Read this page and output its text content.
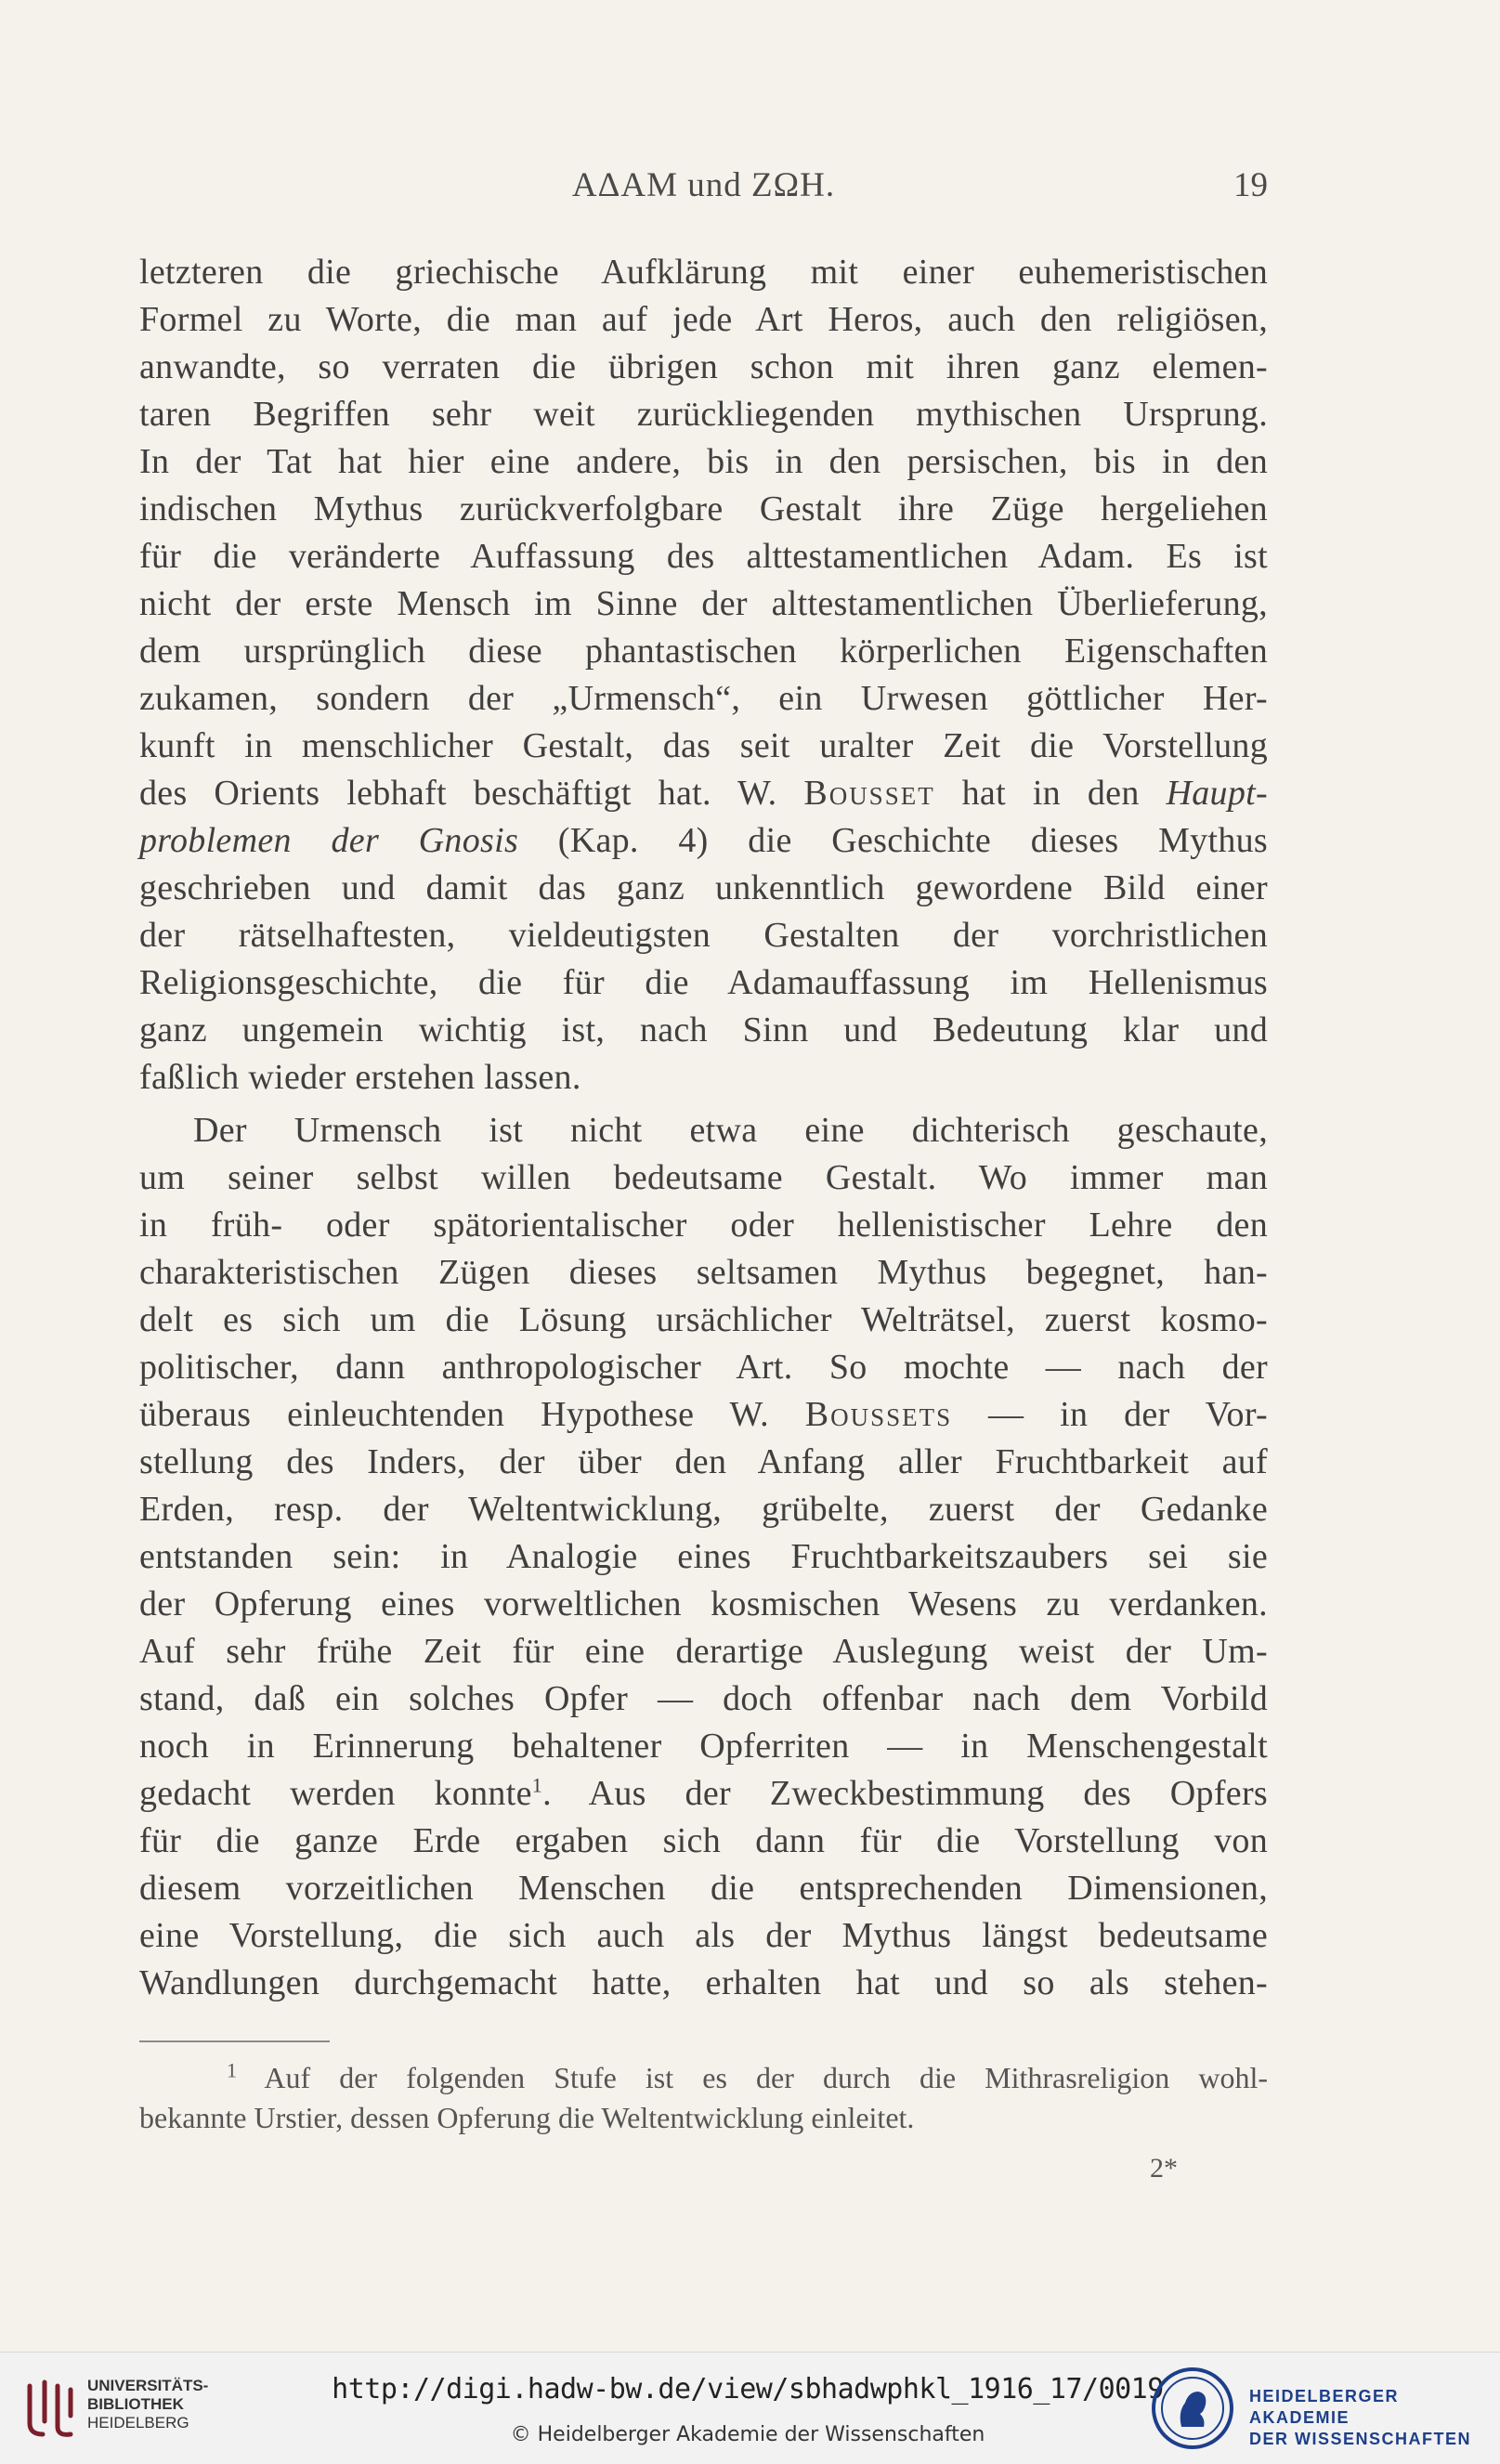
ΑΔΑΜ und ΖΩΗ.	19
letzteren die griechische Aufklärung mit einer euhemeristischen
Formel zu Worte, die man auf jede Art Heros, auch den religiösen,
anwandte, so verraten die übrigen schon mit ihren ganz elemen-
taren Begriffen sehr weit zurückliegenden mythischen Ursprung.
In der Tat hat hier eine andere, bis in den persischen, bis in den
indischen Mythus zurückverfolgbare Gestalt ihre Züge hergeliehen
für die veränderte Auffassung des alttestamentlichen Adam. Es ist
nicht der erste Mensch im Sinne der alttestamentlichen Überlieferung,
dem ursprünglich diese phantastischen körperlichen Eigenschaften
zukamen, sondern der „Urmensch“, ein Urwesen göttlicher Her-
kunft in menschlicher Gestalt, das seit uralter Zeit die Vorstellung
des Orients lebhaft beschäftigt hat. W. Bousset hat in den Haupt-
problemen der Gnosis (Kap. 4) die Geschichte dieses Mythus
geschrieben und damit das ganz unkenntlich gewordene Bild einer
der rätselhaftesten, vieldeutigsten Gestalten der vorchristlichen
Religionsgeschichte, die für die Adamauffassung im Hellenismus
ganz ungemein wichtig ist, nach Sinn und Bedeutung klar und
faßlich wieder erstehen lassen.
Der Urmensch ist nicht etwa eine dichterisch geschaute,
um seiner selbst willen bedeutsame Gestalt. Wo immer man
in früh- oder spätorientalischer oder hellenistischer Lehre den
charakteristischen Zügen dieses seltsamen Mythus begegnet, han-
delt es sich um die Lösung ursächlicher Welträtsel, zuerst kosmo-
politischer, dann anthropologischer Art. So mochte — nach der
überaus einleuchtenden Hypothese W. Boussets — in der Vor-
stellung des Inders, der über den Anfang aller Fruchtbarkeit auf
Erden, resp. der Weltentwicklung, grübelte, zuerst der Gedanke
entstanden sein: in Analogie eines Fruchtbarkeitszaubers sei sie
der Opferung eines vorweltlichen kosmischen Wesens zu verdanken.
Auf sehr frühe Zeit für eine derartige Auslegung weist der Um-
stand, daß ein solches Opfer — doch offenbar nach dem Vorbild
noch in Erinnerung behaltener Opferriten — in Menschengestalt
gedacht werden konnte$^1$. Aus der Zweckbestimmung des Opfers
für die ganze Erde ergaben sich dann für die Vorstellung von
diesem vorzeitlichen Menschen die entsprechenden Dimensionen,
eine Vorstellung, die sich auch als der Mythus längst bedeutsame
Wandlungen durchgemacht hatte, erhalten hat und so als stehen-
$^1$ Auf der folgenden Stufe ist es der durch die Mithrasreligion wohl-
bekannte Urstier, dessen Opferung die Weltentwicklung einleitet.
2*
UNIVERSITÄTS-
BIBLIOTHEK
HEIDELBERG
http://digi.hadw-bw.de/view/sbhadwphkl_1916_17/0019
© Heidelberger Akademie der Wissenschaften
HEIDELBERGER AKADEMIE
DER WISSENSCHAFTEN
